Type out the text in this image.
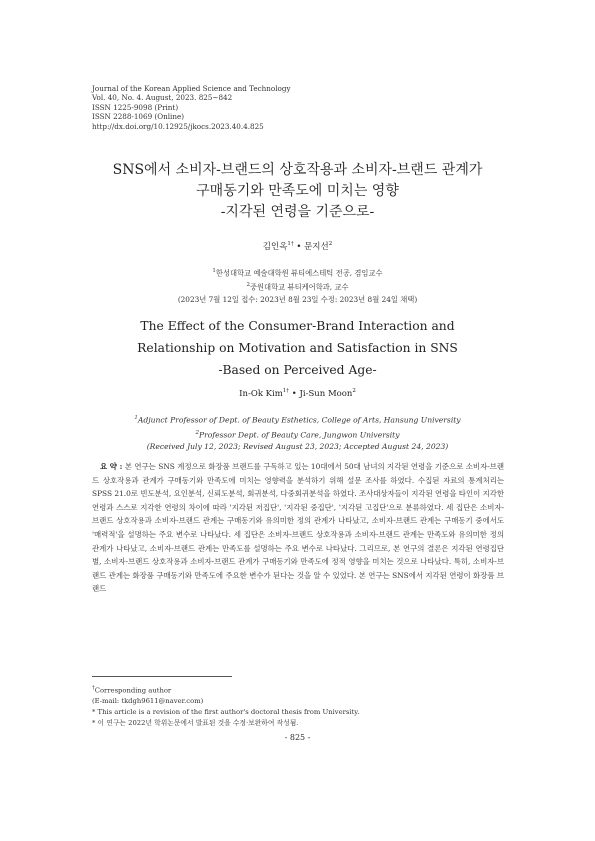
Journal of the Korean Applied Science and Technology
Vol. 40, No. 4. August, 2023. 825~842
ISSN 1225-9098 (Print)
ISSN 2288-1069 (Online)
http://dx.doi.org/10.12925/jkocs.2023.40.4.825
SNS에서 소비자-브랜드의 상호작용과 소비자-브랜드 관계가
구매동기와 만족도에 미치는 영향
-지각된 연령을 기준으로-
김인옥$^{1\dagger}$ • 문지선$^2$
$^1$한성대학교 예술대학원 뷰티에스테틱 전공, 겸임교수
$^2$중원대학교 뷰티케어학과, 교수
(2023년 7월 12일 접수: 2023년 8월 23일 수정: 2023년 8월 24일 채택)
The Effect of the Consumer-Brand Interaction and
Relationship on Motivation and Satisfaction in SNS
-Based on Perceived Age-
In-Ok Kim$^{1\dagger}$ • Ji-Sun Moon$^2$
$^1$Adjunct Professor of Dept. of Beauty Esthetics, College of Arts, Hansung University
$^2$Professor Dept. of Beauty Care, Jungwon University
(Received July 12, 2023; Revised August 23, 2023; Accepted August 24, 2023)

요 약 : 본 연구는 SNS 계정으로 화장품 브랜드를 구독하고 있는 10대에서 50대 남녀의 지각된 연령을 기준으로 소비자-브랜드 상호작용과 관계가 구매동기와 만족도에 미치는 영향력을 분석하기 위해 설문 조사를 하였다. 수집된 자료의 통계처리는 SPSS 21.0로 빈도분석, 요인분석, 신뢰도분석, 회귀분석, 다중회귀분석을 하였다. 조사대상자들이 지각된 연령을 타인이 지각한 연령과 스스로 지각한 연령의 차이에 따라 '지각된 저집단', '지각된 중집단', '지각된 고집단'으로 분류하였다. 세 집단은 소비자-브랜드 상호작용과 소비자-브랜드 관계는 구매동기와 유의미한 정의 관계가 나타났고, 소비자-브랜드 관계는 구매동기 중에서도 '매력적'을 설명하는 주요 변수로 나타났다. 세 집단은 소비자-브랜드 상호작용과 소비자-브랜드 관계는 만족도와 유의미한 정의 관계가 나타났고, 소비자-브랜드 관계는 만족도를 설명하는 주요 변수로 나타났다. 그리므로, 본 연구의 결론은 지각된 연령집단별, 소비자-브랜드 상호작용과 소비자-브랜드 관계가 구매동기와 만족도에 정적 영향을 미치는 것으로 나타났다. 특히, 소비자-브랜드 관계는 화장품 구매동기와 만족도에 주요한 변수가 된다는 것을 알 수 있었다. 본 연구는 SNS에서 지각된 연령이 화장품 브랜드

†Corresponding author
(E-mail: tkdgh9611@naver.com)
* This article is a revision of the first author's doctoral thesis from University.
* 이 연구는 2022년 학위논문에서 발표된 것을 수정·보완하여 작성됨.
- 825 -
